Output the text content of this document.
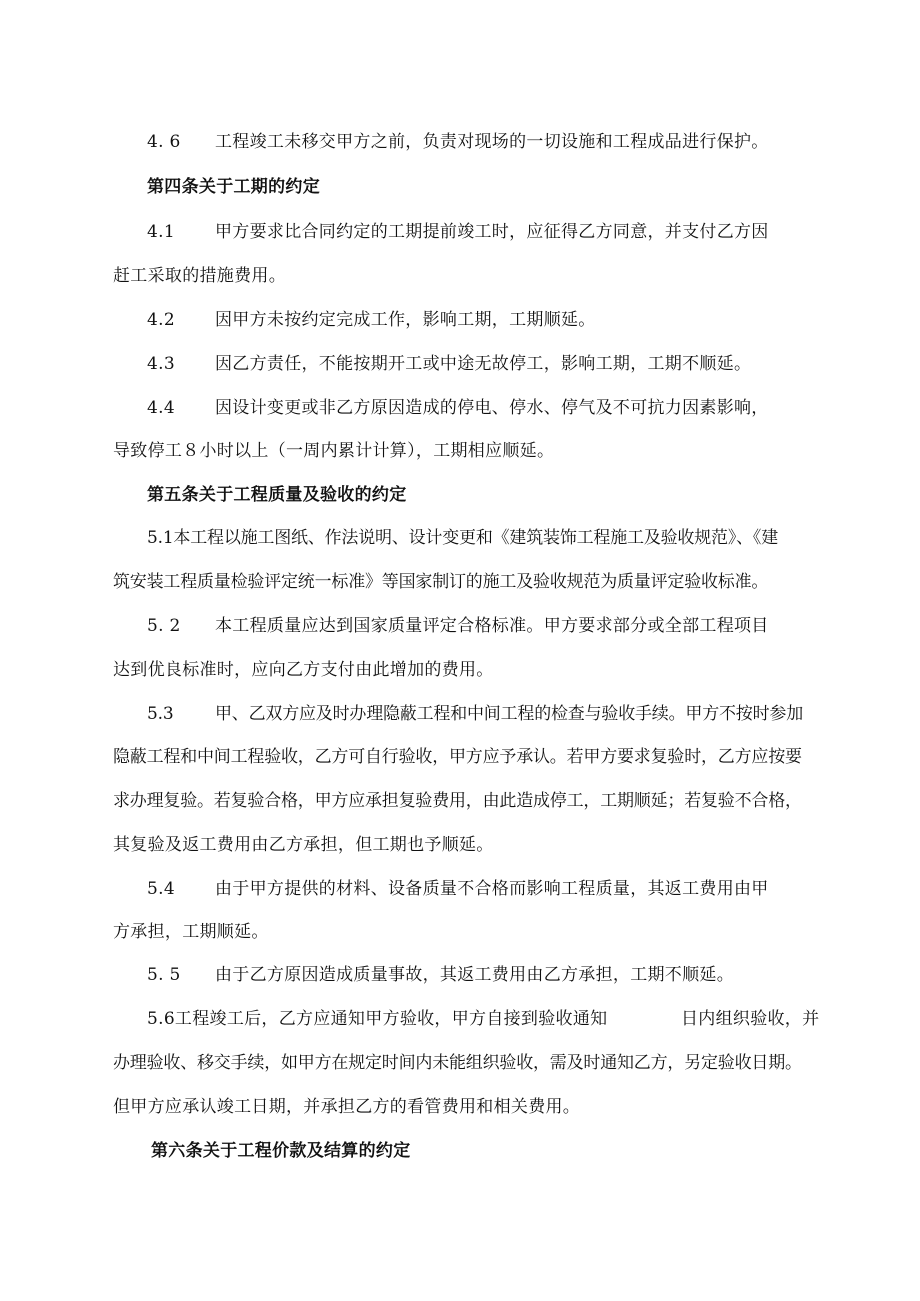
4. 6 工程竣工未移交甲方之前，负责对现场的一切设施和工程成品进行保护。
第四条关于工期的约定
4.1 甲方要求比合同约定的工期提前竣工时，应征得乙方同意，并支付乙方因
赶工采取的措施费用。
4.2 因甲方未按约定完成工作，影响工期，工期顺延。
4.3 因乙方责任，不能按期开工或中途无故停工，影响工期，工期不顺延。
4.4 因设计变更或非乙方原因造成的停电、停水、停气及不可抗力因素影响，
导致停工８小时以上（一周内累计计算），工期相应顺延。
第五条关于工程质量及验收的约定
5.1本工程以施工图纸、作法说明、设计变更和《建筑装饰工程施工及验收规范》、《建
筑安装工程质量检验评定统一标准》等国家制订的施工及验收规范为质量评定验收标准。
5. 2 本工程质量应达到国家质量评定合格标准。甲方要求部分或全部工程项目
达到优良标准时，应向乙方支付由此增加的费用。
5.3 甲、乙双方应及时办理隐蔽工程和中间工程的检查与验收手续。甲方不按时参加
隐蔽工程和中间工程验收，乙方可自行验收，甲方应予承认。若甲方要求复验时，乙方应按要
求办理复验。若复验合格，甲方应承担复验费用，由此造成停工，工期顺延；若复验不合格，
其复验及返工费用由乙方承担，但工期也予顺延。
5.4 由于甲方提供的材料、设备质量不合格而影响工程质量，其返工费用由甲
方承担，工期顺延。
5. 5 由于乙方原因造成质量事故，其返工费用由乙方承担，工期不顺延。
5.6工程竣工后，乙方应通知甲方验收，甲方自接到验收通知	日内组织验收，并
办理验收、移交手续，如甲方在规定时间内未能组织验收，需及时通知乙方，另定验收日期。
但甲方应承认竣工日期，并承担乙方的看管费用和相关费用。
第六条关于工程价款及结算的约定
